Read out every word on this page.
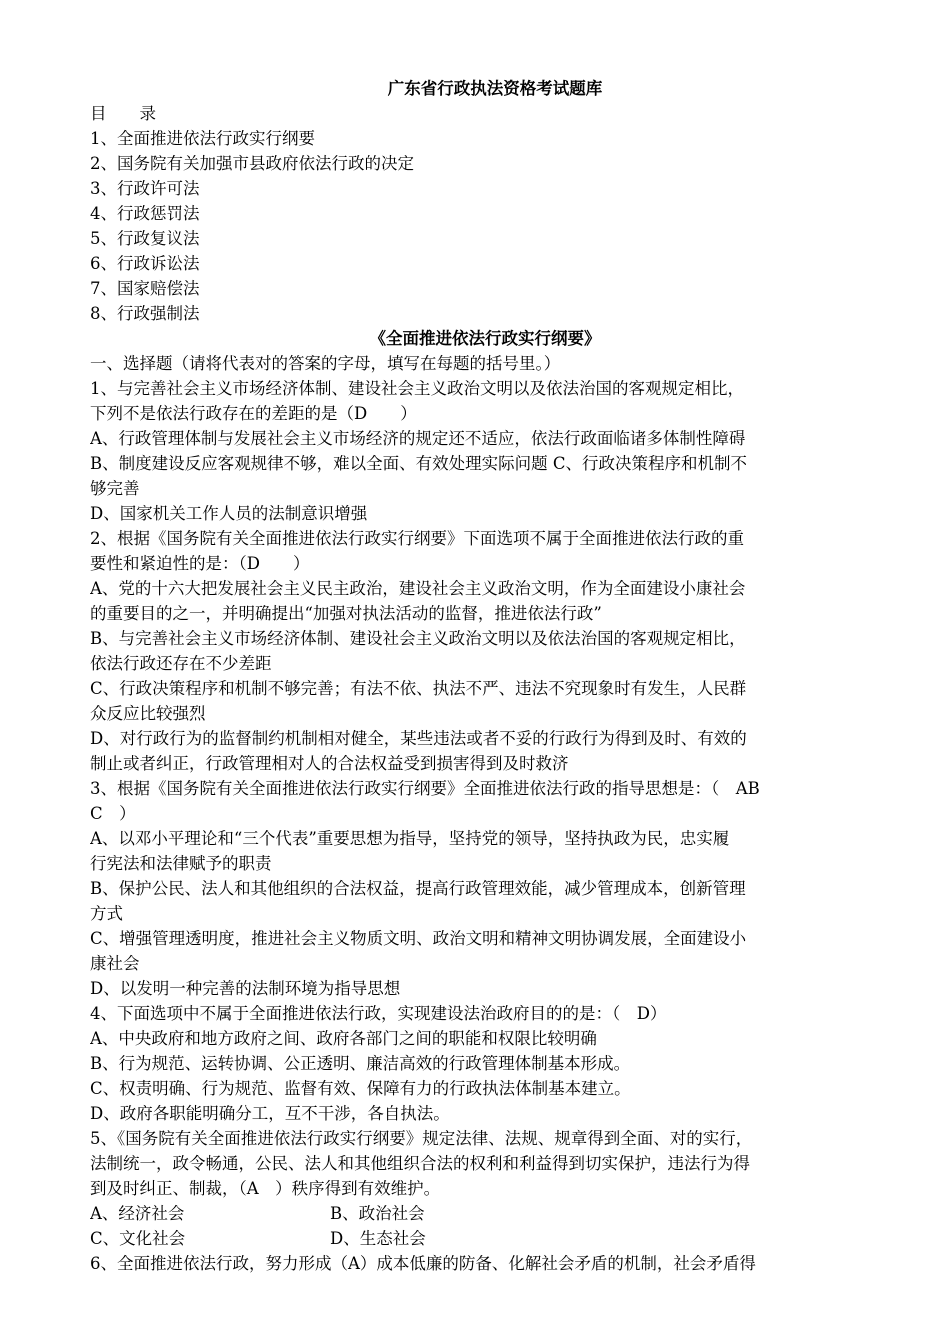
广东省行政执法资格考试题库
目　　录
1、全面推进依法行政实行纲要
2、国务院有关加强市县政府依法行政的决定
3、行政许可法
4、行政惩罚法
5、行政复议法
6、行政诉讼法
7、国家赔偿法
8、行政强制法
《全面推进依法行政实行纲要》
一、选择题（请将代表对的答案的字母，填写在每题的括号里。）
1、与完善社会主义市场经济体制、建设社会主义政治文明以及依法治国的客观规定相比，
下列不是依法行政存在的差距的是（D　　）
A、行政管理体制与发展社会主义市场经济的规定还不适应，依法行政面临诸多体制性障碍
B、制度建设反应客观规律不够，难以全面、有效处理实际问题 C、行政决策程序和机制不
够完善
D、国家机关工作人员的法制意识增强
2、根据《国务院有关全面推进依法行政实行纲要》下面选项不属于全面推进依法行政的重
要性和紧迫性的是：（D　　）
A、党的十六大把发展社会主义民主政治，建设社会主义政治文明，作为全面建设小康社会
的重要目的之一，并明确提出“加强对执法活动的监督，推进依法行政”
B、与完善社会主义市场经济体制、建设社会主义政治文明以及依法治国的客观规定相比，
依法行政还存在不少差距
C、行政决策程序和机制不够完善；有法不依、执法不严、违法不究现象时有发生，人民群
众反应比较强烈
D、对行政行为的监督制约机制相对健全，某些违法或者不妥的行政行为得到及时、有效的
制止或者纠正，行政管理相对人的合法权益受到损害得到及时救济
3、根据《国务院有关全面推进依法行政实行纲要》全面推进依法行政的指导思想是：（　AB
C　）
A、以邓小平理论和“三个代表”重要思想为指导，坚持党的领导，坚持执政为民，忠实履
行宪法和法律赋予的职责
B、保护公民、法人和其他组织的合法权益，提高行政管理效能，减少管理成本，创新管理
方式
C、增强管理透明度，推进社会主义物质文明、政治文明和精神文明协调发展，全面建设小
康社会
D、以发明一种完善的法制环境为指导思想
4、下面选项中不属于全面推进依法行政，实现建设法治政府目的的是：（　D）
A、中央政府和地方政府之间、政府各部门之间的职能和权限比较明确
B、行为规范、运转协调、公正透明、廉洁高效的行政管理体制基本形成。
C、权责明确、行为规范、监督有效、保障有力的行政执法体制基本建立。
D、政府各职能明确分工，互不干涉，各自执法。
5、《国务院有关全面推进依法行政实行纲要》规定法律、法规、规章得到全面、对的实行，
法制统一，政令畅通，公民、法人和其他组织合法的权利和利益得到切实保护，违法行为得
到及时纠正、制裁，（A　）秩序得到有效维护。
A、经济社会	B、政治社会
C、文化社会	D、生态社会
6、全面推进依法行政，努力形成（A）成本低廉的防备、化解社会矛盾的机制，社会矛盾得
